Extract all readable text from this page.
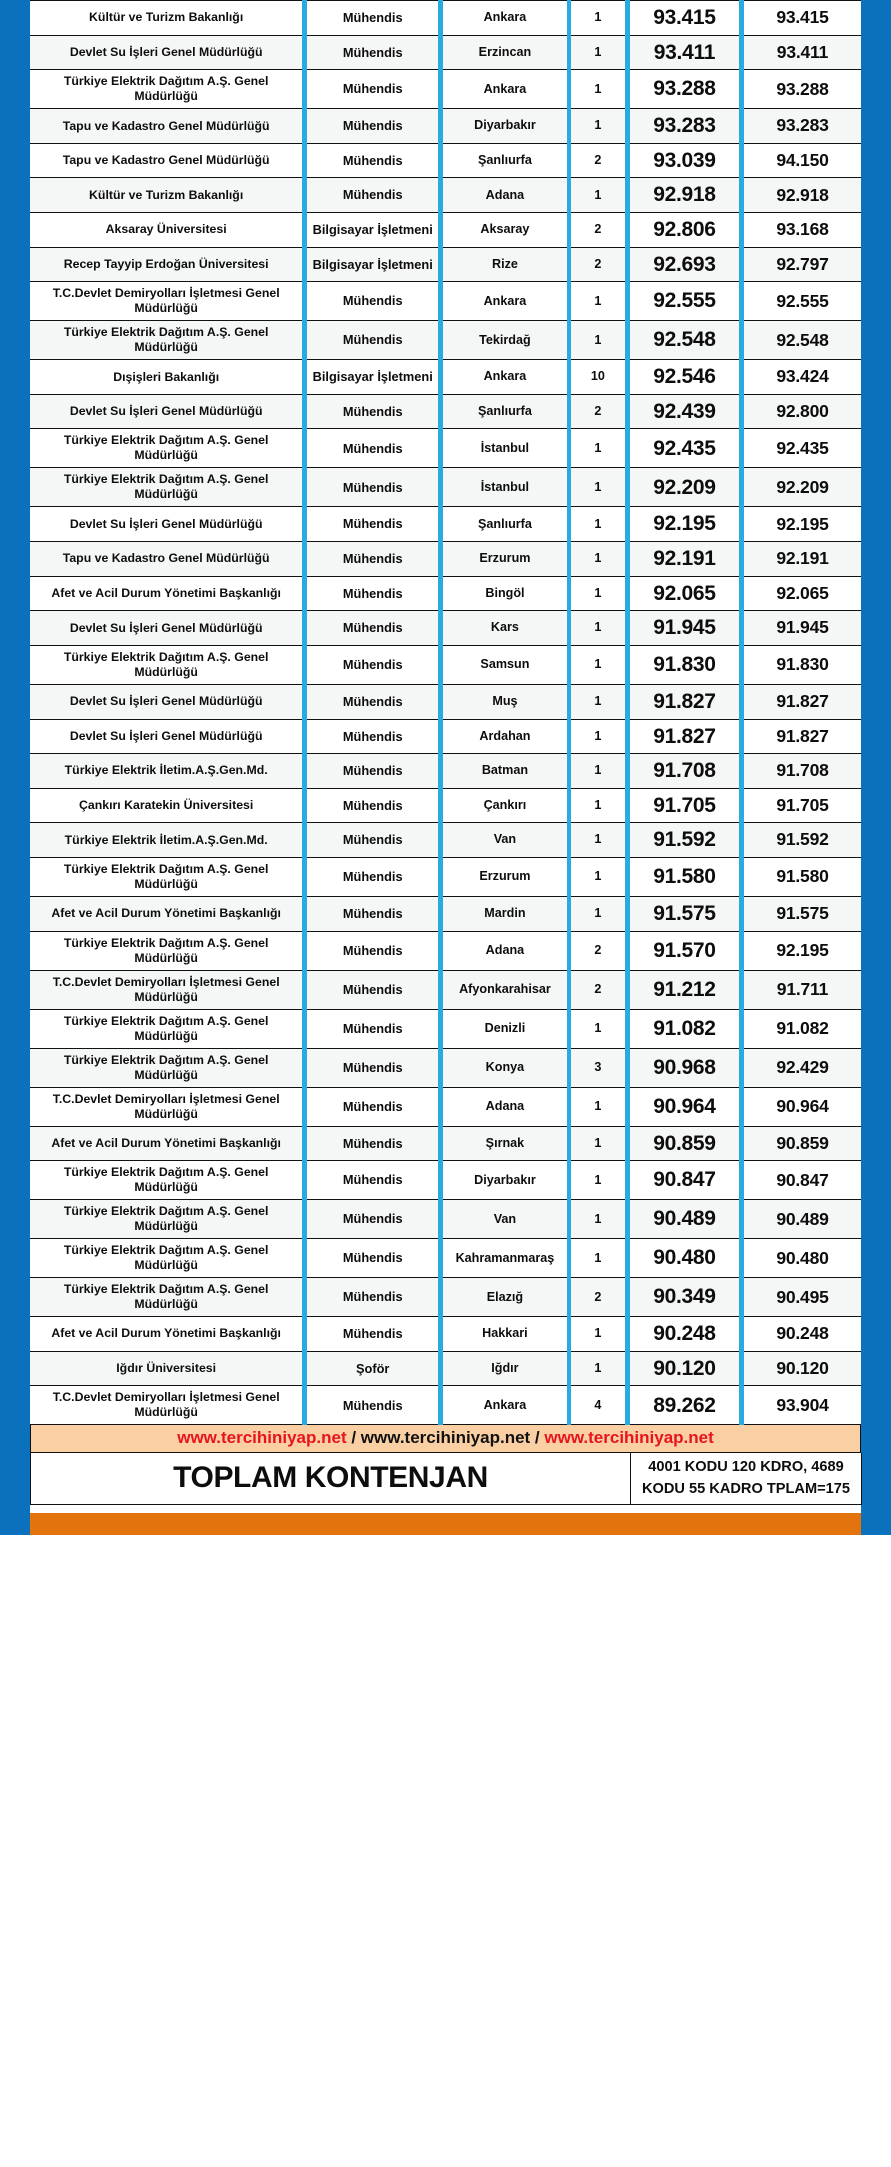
Kültür ve Turizm Bakanlığı	Mühendis	Ankara	1	93.415	93.415
Devlet Su İşleri Genel Müdürlüğü	Mühendis	Erzincan	1	93.411	93.411
Türkiye Elektrik Dağıtım A.Ş. Genel Müdürlüğü	Mühendis	Ankara	1	93.288	93.288
Tapu ve Kadastro Genel Müdürlüğü	Mühendis	Diyarbakır	1	93.283	93.283
Tapu ve Kadastro Genel Müdürlüğü	Mühendis	Şanlıurfa	2	93.039	94.150
Kültür ve Turizm Bakanlığı	Mühendis	Adana	1	92.918	92.918
Aksaray Üniversitesi	Bilgisayar İşletmeni	Aksaray	2	92.806	93.168
Recep Tayyip Erdoğan Üniversitesi	Bilgisayar İşletmeni	Rize	2	92.693	92.797
T.C.Devlet Demiryolları İşletmesi Genel Müdürlüğü	Mühendis	Ankara	1	92.555	92.555
Türkiye Elektrik Dağıtım A.Ş. Genel Müdürlüğü	Mühendis	Tekirdağ	1	92.548	92.548
Dışişleri Bakanlığı	Bilgisayar İşletmeni	Ankara	10	92.546	93.424
Devlet Su İşleri Genel Müdürlüğü	Mühendis	Şanlıurfa	2	92.439	92.800
Türkiye Elektrik Dağıtım A.Ş. Genel Müdürlüğü	Mühendis	İstanbul	1	92.435	92.435
Türkiye Elektrik Dağıtım A.Ş. Genel Müdürlüğü	Mühendis	İstanbul	1	92.209	92.209
Devlet Su İşleri Genel Müdürlüğü	Mühendis	Şanlıurfa	1	92.195	92.195
Tapu ve Kadastro Genel Müdürlüğü	Mühendis	Erzurum	1	92.191	92.191
Afet ve Acil Durum Yönetimi Başkanlığı	Mühendis	Bingöl	1	92.065	92.065
Devlet Su İşleri Genel Müdürlüğü	Mühendis	Kars	1	91.945	91.945
Türkiye Elektrik Dağıtım A.Ş. Genel Müdürlüğü	Mühendis	Samsun	1	91.830	91.830
Devlet Su İşleri Genel Müdürlüğü	Mühendis	Muş	1	91.827	91.827
Devlet Su İşleri Genel Müdürlüğü	Mühendis	Ardahan	1	91.827	91.827
Türkiye Elektrik İletim.A.Ş.Gen.Md.	Mühendis	Batman	1	91.708	91.708
Çankırı Karatekin Üniversitesi	Mühendis	Çankırı	1	91.705	91.705
Türkiye Elektrik İletim.A.Ş.Gen.Md.	Mühendis	Van	1	91.592	91.592
Türkiye Elektrik Dağıtım A.Ş. Genel Müdürlüğü	Mühendis	Erzurum	1	91.580	91.580
Afet ve Acil Durum Yönetimi Başkanlığı	Mühendis	Mardin	1	91.575	91.575
Türkiye Elektrik Dağıtım A.Ş. Genel Müdürlüğü	Mühendis	Adana	2	91.570	92.195
T.C.Devlet Demiryolları İşletmesi Genel Müdürlüğü	Mühendis	Afyonkarahisar	2	91.212	91.711
Türkiye Elektrik Dağıtım A.Ş. Genel Müdürlüğü	Mühendis	Denizli	1	91.082	91.082
Türkiye Elektrik Dağıtım A.Ş. Genel Müdürlüğü	Mühendis	Konya	3	90.968	92.429
T.C.Devlet Demiryolları İşletmesi Genel Müdürlüğü	Mühendis	Adana	1	90.964	90.964
Afet ve Acil Durum Yönetimi Başkanlığı	Mühendis	Şırnak	1	90.859	90.859
Türkiye Elektrik Dağıtım A.Ş. Genel Müdürlüğü	Mühendis	Diyarbakır	1	90.847	90.847
Türkiye Elektrik Dağıtım A.Ş. Genel Müdürlüğü	Mühendis	Van	1	90.489	90.489
Türkiye Elektrik Dağıtım A.Ş. Genel Müdürlüğü	Mühendis	Kahramanmaraş	1	90.480	90.480
Türkiye Elektrik Dağıtım A.Ş. Genel Müdürlüğü	Mühendis	Elazığ	2	90.349	90.495
Afet ve Acil Durum Yönetimi Başkanlığı	Mühendis	Hakkari	1	90.248	90.248
Iğdır Üniversitesi	Şoför	Iğdır	1	90.120	90.120
T.C.Devlet Demiryolları İşletmesi Genel Müdürlüğü	Mühendis	Ankara	4	89.262	93.904
www.tercihiniyap.net / www.tercihiniyap.net / www.tercihiniyap.net
TOPLAM KONTENJAN	4001 KODU 120 KDRO, 4689
KODU 55 KADRO TPLAM=175
